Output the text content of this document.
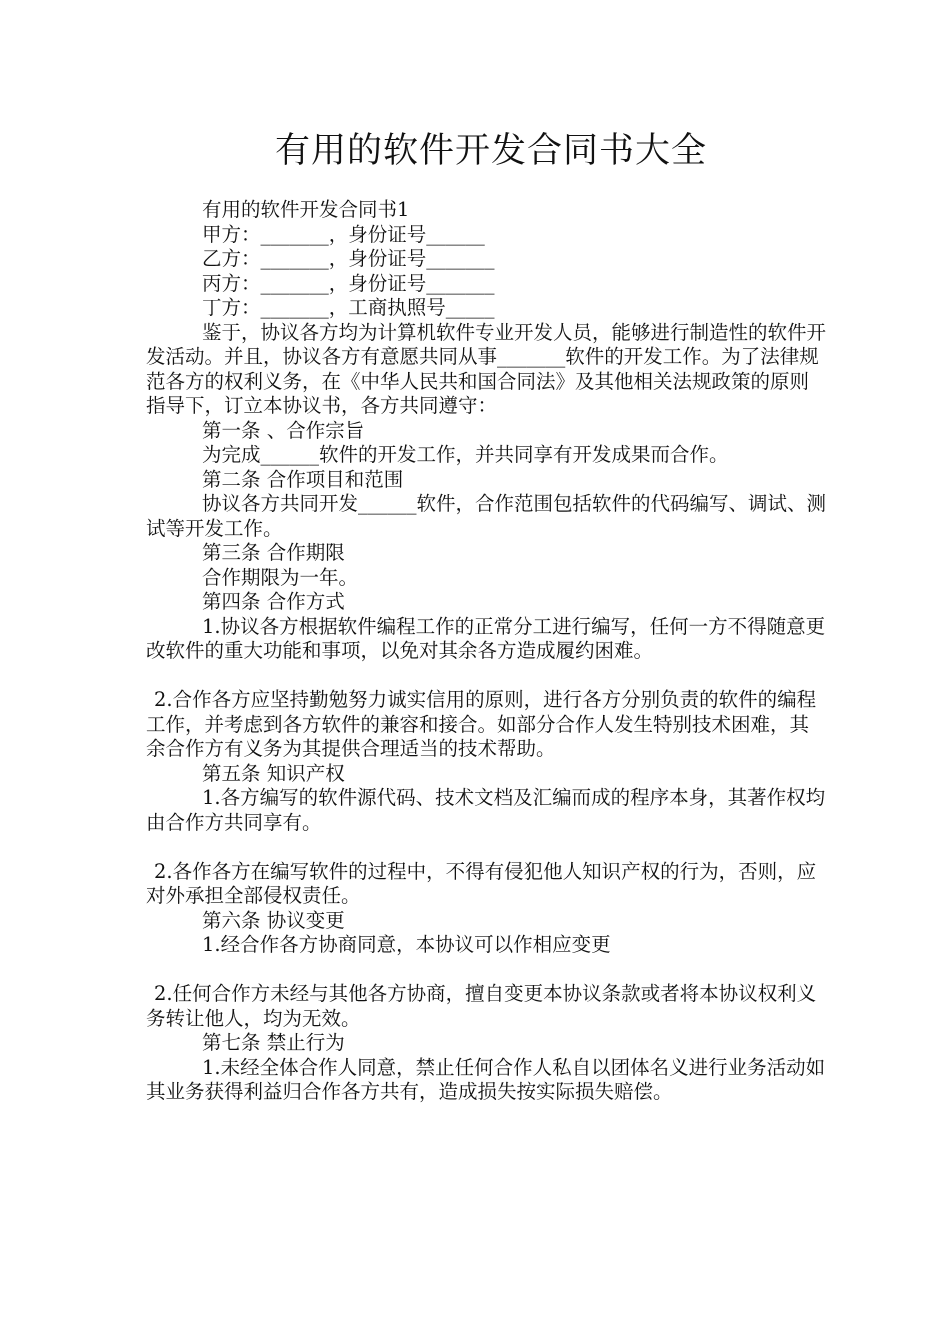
有用的软件开发合同书大全

有用的软件开发合同书1

甲方：_______，身份证号______

乙方：_______，身份证号_______

丙方：_______，身份证号_______

丁方：_______，工商执照号_____

鉴于，协议各方均为计算机软件专业开发人员，能够进行制造性的软件开发活动。并且，协议各方有意愿共同从事_______软件的开发工作。为了法律规范各方的权利义务，在《中华人民共和国合同法》及其他相关法规政策的原则指导下，订立本协议书，各方共同遵守：

第一条 、合作宗旨

为完成______软件的开发工作，并共同享有开发成果而合作。

第二条 合作项目和范围

协议各方共同开发______软件，合作范围包括软件的代码编写、调试、测试等开发工作。

第三条 合作期限

合作期限为一年。

第四条 合作方式

1.协议各方根据软件编程工作的正常分工进行编写，任何一方不得随意更改软件的重大功能和事项，以免对其余各方造成履约困难。

2.合作各方应坚持勤勉努力诚实信用的原则，进行各方分别负责的软件的编程工作，并考虑到各方软件的兼容和接合。如部分合作人发生特别技术困难，其余合作方有义务为其提供合理适当的技术帮助。

第五条 知识产权

1.各方编写的软件源代码、技术文档及汇编而成的程序本身，其著作权均由合作方共同享有。

2.各作各方在编写软件的过程中，不得有侵犯他人知识产权的行为，否则，应对外承担全部侵权责任。

第六条 协议变更

1.经合作各方协商同意，本协议可以作相应变更

2.任何合作方未经与其他各方协商，擅自变更本协议条款或者将本协议权利义务转让他人，均为无效。

第七条 禁止行为

1.未经全体合作人同意，禁止任何合作人私自以团体名义进行业务活动如其业务获得利益归合作各方共有，造成损失按实际损失赔偿。
